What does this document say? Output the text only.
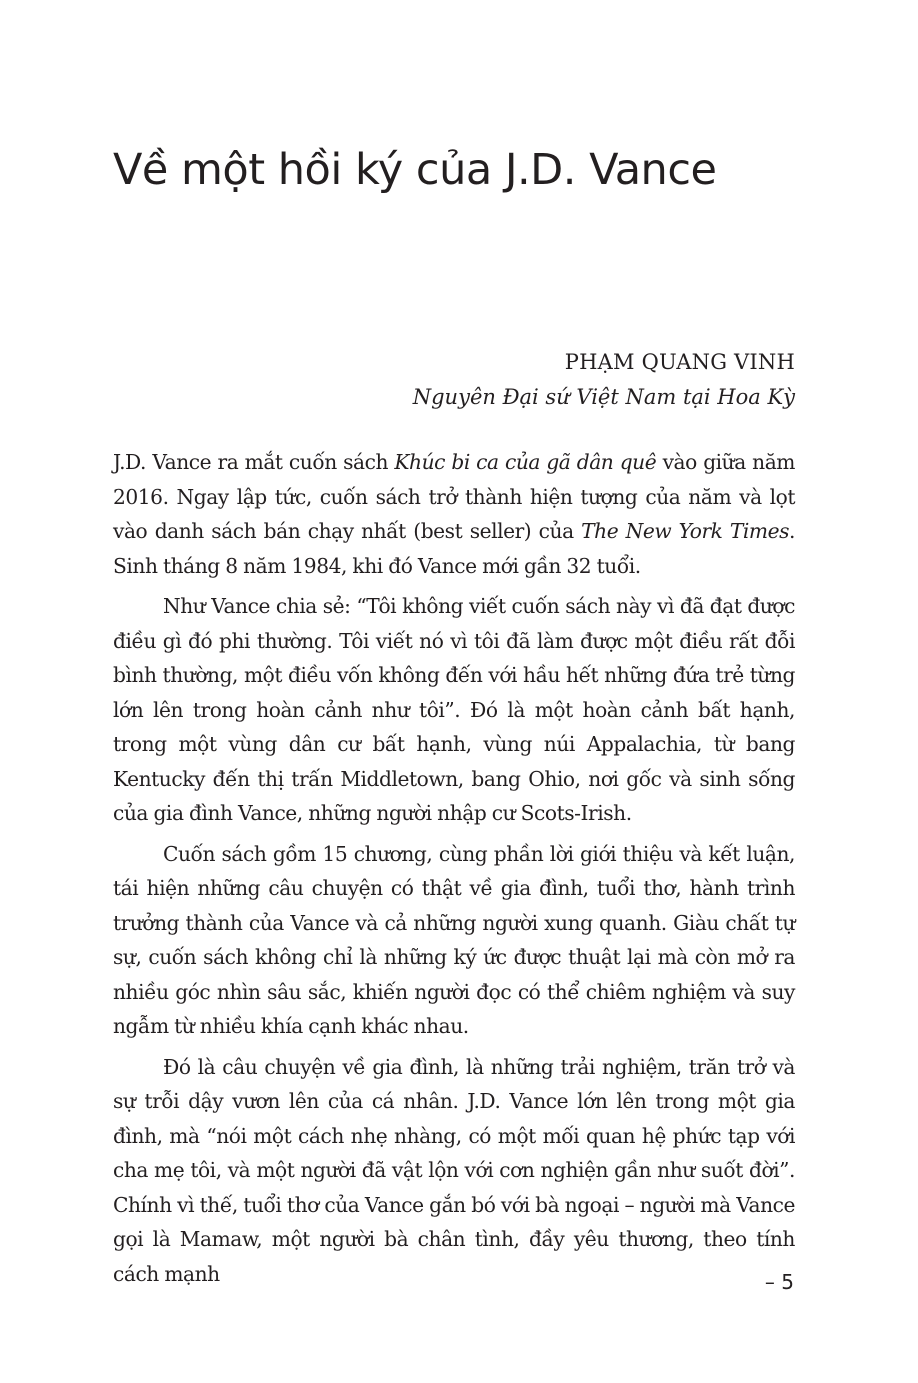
Về một hồi ký của J.D. Vance
PHẠM QUANG VINH
Nguyên Đại sứ Việt Nam tại Hoa Kỳ

J.D. Vance ra mắt cuốn sách Khúc bi ca của gã dân quê vào giữa năm 2016. Ngay lập tức, cuốn sách trở thành hiện tượng của năm và lọt vào danh sách bán chạy nhất (best seller) của The New York Times. Sinh tháng 8 năm 1984, khi đó Vance mới gần 32 tuổi.

Như Vance chia sẻ: “Tôi không viết cuốn sách này vì đã đạt được điều gì đó phi thường. Tôi viết nó vì tôi đã làm được một điều rất đỗi bình thường, một điều vốn không đến với hầu hết những đứa trẻ từng lớn lên trong hoàn cảnh như tôi”. Đó là một hoàn cảnh bất hạnh, trong một vùng dân cư bất hạnh, vùng núi Appalachia, từ bang Kentucky đến thị trấn Middletown, bang Ohio, nơi gốc và sinh sống của gia đình Vance, những người nhập cư Scots-Irish.

Cuốn sách gồm 15 chương, cùng phần lời giới thiệu và kết luận, tái hiện những câu chuyện có thật về gia đình, tuổi thơ, hành trình trưởng thành của Vance và cả những người xung quanh. Giàu chất tự sự, cuốn sách không chỉ là những ký ức được thuật lại mà còn mở ra nhiều góc nhìn sâu sắc, khiến người đọc có thể chiêm nghiệm và suy ngẫm từ nhiều khía cạnh khác nhau.

Đó là câu chuyện về gia đình, là những trải nghiệm, trăn trở và sự trỗi dậy vươn lên của cá nhân. J.D. Vance lớn lên trong một gia đình, mà “nói một cách nhẹ nhàng, có một mối quan hệ phức tạp với cha mẹ tôi, và một người đã vật lộn với cơn nghiện gần như suốt đời”. Chính vì thế, tuổi thơ của Vance gắn bó với bà ngoại – người mà Vance gọi là Mamaw, một người bà chân tình, đầy yêu thương, theo tính cách mạnh	– 5
